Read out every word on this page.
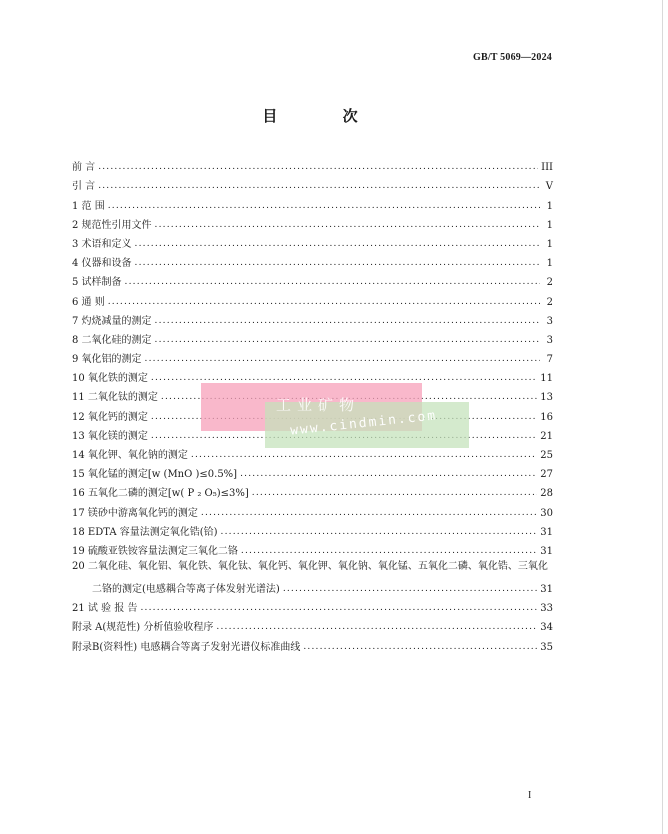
GB/T 5069—2024
目 次
前 言 .....	III
引 言 .....	V
1 范 围 .....	1
2 规范性引用文件 .....	1
3 术语和定义 .....	1
4 仪器和设备 .....	1
5 试样制备 .....	2
6 通 则 .....	2
7 灼烧减量的测定 .....	3
8 二氧化硅的测定 .....	3
9 氧化铝的测定 .....	7
10 氧化铁的测定 .....	11
11 二氧化钛的测定 .....	13
12 氧化钙的测定 .....	16
13 氧化镁的测定 .....	21
14 氧化钾、氧化钠的测定 .....	25
15 氧化锰的测定[w (MnO )≤0.5%] .....	27
16 五氧化二磷的测定[w( P ₂ O₅)≤3%] .....	28
17 镁砂中游离氧化钙的测定 .....	30
18 EDTA 容量法测定氧化锆(铪) .....	31
19 硫酸亚铁铵容量法测定三氧化二铬 .....	31
20 二氧化硅、氧化铝、氧化铁、氧化钛、氧化钙、氧化钾、氧化钠、氧化锰、五氧化二磷、氧化锆、三氧化
二铬的测定(电感耦合等离子体发射光谱法) .....	31
21 试 验 报 告 .....	33
附录 A(规范性) 分析值验收程序 .....	34
附录B(资料性) 电感耦合等离子发射光谱仪标准曲线 .....	35
工业矿物
www.cindmin.com
I
